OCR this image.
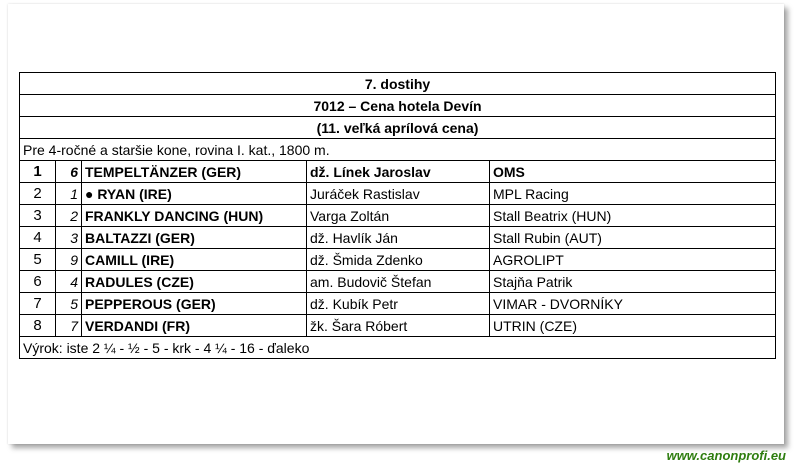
7. dostihy				
7012 – Cena hotela Devín				
(11. veľká aprílová cena)				
Pre 4-ročné a staršie kone, rovina I. kat., 1800 m.				
1	6	TEMPELTÄNZER (GER)	dž. Línek Jaroslav	OMS
2	1	● RYAN (IRE)	Juráček Rastislav	MPL Racing
3	2	FRANKLY DANCING (HUN)	Varga Zoltán	Stall Beatrix (HUN)
4	3	BALTAZZI (GER)	dž. Havlík Ján	Stall Rubin (AUT)
5	9	CAMILL (IRE)	dž. Šmida Zdenko	AGROLIPT
6	4	RADULES (CZE)	am. Budovič Štefan	Stajňa Patrik
7	5	PEPPEROUS (GER)	dž. Kubík Petr	VIMAR - DVORNÍKY
8	7	VERDANDI (FR)	žk. Šara Róbert	UTRIN (CZE)
Výrok: iste 2 ¼ - ½ - 5 - krk - 4 ¼ - 16 - ďaleko				
www.canonprofi.eu
